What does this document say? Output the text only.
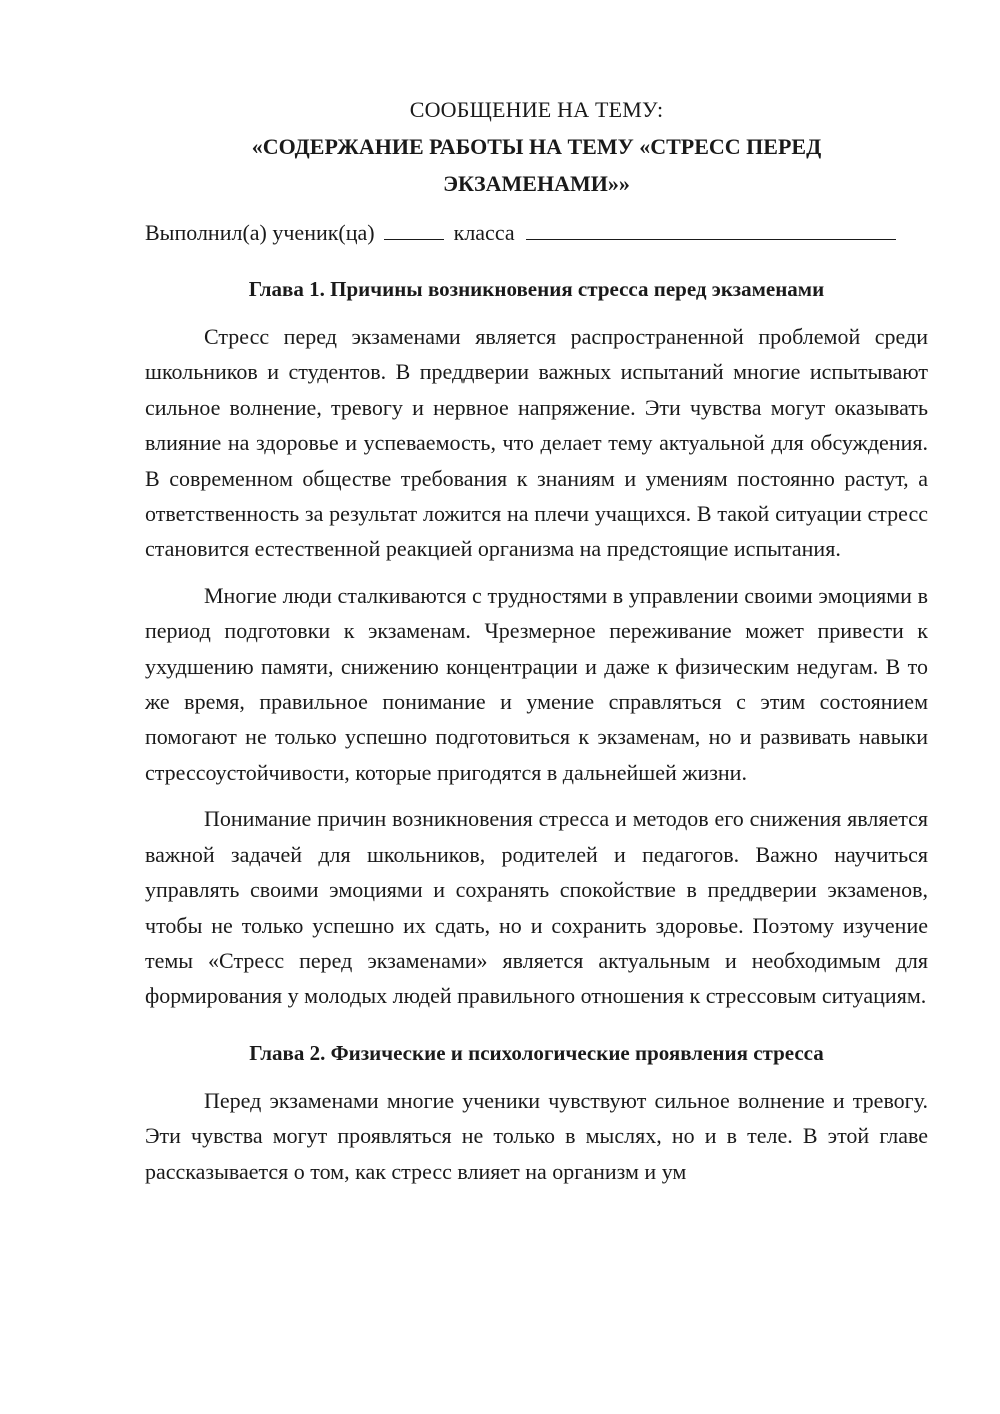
СООБЩЕНИЕ НА ТЕМУ:
«СОДЕРЖАНИЕ РАБОТЫ НА ТЕМУ «СТРЕСС ПЕРЕД
ЭКЗАМЕНАМИ»»
Выполнил(а) ученик(ца)	класса
Глава 1. Причины возникновения стресса перед экзаменами

Стресс перед экзаменами является распространенной проблемой среди школьников и студентов. В преддверии важных испытаний многие испытывают сильное волнение, тревогу и нервное напряжение. Эти чувства могут оказывать влияние на здоровье и успеваемость, что делает тему актуальной для обсуждения. В современном обществе требования к знаниям и умениям постоянно растут, а ответственность за результат ложится на плечи учащихся. В такой ситуации стресс становится естественной реакцией организма на предстоящие испытания.

Многие люди сталкиваются с трудностями в управлении своими эмоциями в период подготовки к экзаменам. Чрезмерное переживание может привести к ухудшению памяти, снижению концентрации и даже к физическим недугам. В то же время, правильное понимание и умение справляться с этим состоянием помогают не только успешно подготовиться к экзаменам, но и развивать навыки стрессоустойчивости, которые пригодятся в дальнейшей жизни.

Понимание причин возникновения стресса и методов его снижения является важной задачей для школьников, родителей и педагогов. Важно научиться управлять своими эмоциями и сохранять спокойствие в преддверии экзаменов, чтобы не только успешно их сдать, но и сохранить здоровье. Поэтому изучение темы «Стресс перед экзаменами» является актуальным и необходимым для формирования у молодых людей правильного отношения к стрессовым ситуациям.

Глава 2. Физические и психологические проявления стресса

Перед экзаменами многие ученики чувствуют сильное волнение и тревогу. Эти чувства могут проявляться не только в мыслях, но и в теле. В этой главе рассказывается о том, как стресс влияет на организм и ум
